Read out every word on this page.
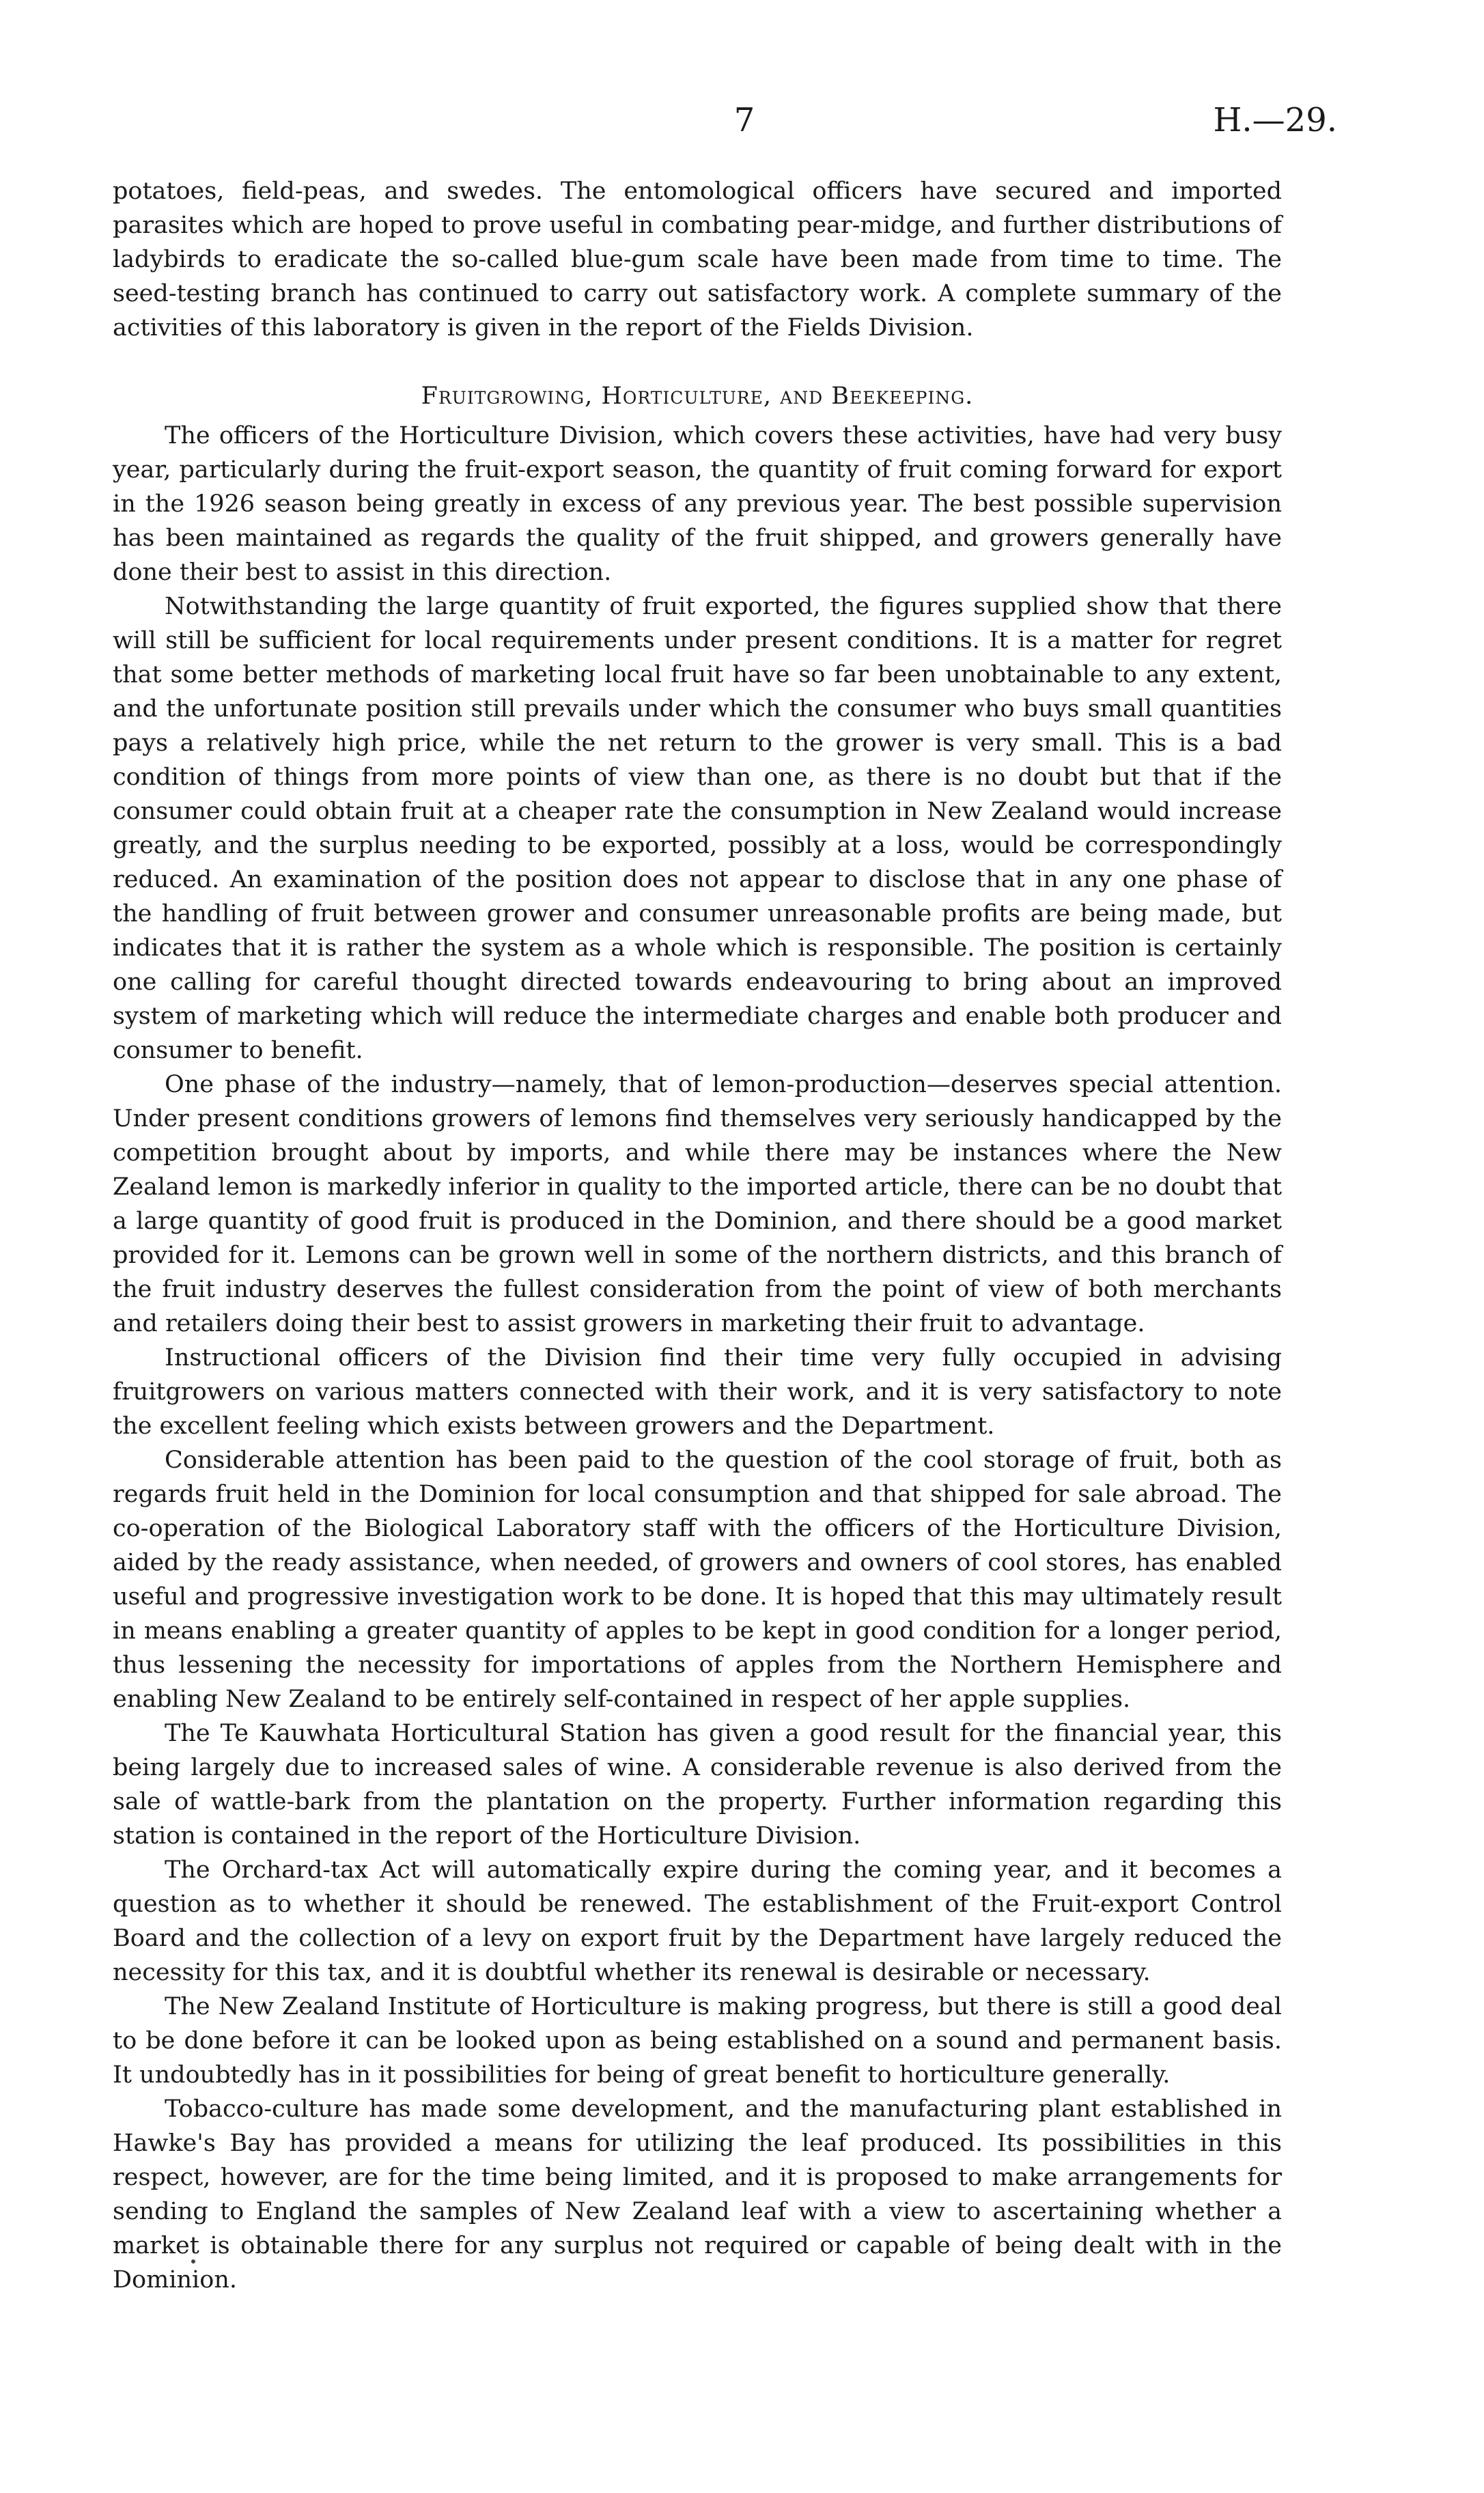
7	H.—29.

potatoes, field-peas, and swedes. The entomological officers have secured and imported parasites which are hoped to prove useful in combating pear-midge, and further distributions of ladybirds to eradicate the so-called blue-gum scale have been made from time to time. The seed-testing branch has continued to carry out satisfactory work. A complete summary of the activities of this laboratory is given in the report of the Fields Division.

Fruitgrowing, Horticulture, and Beekeeping.

The officers of the Horticulture Division, which covers these activities, have had very busy year, particularly during the fruit-export season, the quantity of fruit coming forward for export in the 1926 season being greatly in excess of any previous year. The best possible supervision has been maintained as regards the quality of the fruit shipped, and growers generally have done their best to assist in this direction.

Notwithstanding the large quantity of fruit exported, the figures supplied show that there will still be sufficient for local requirements under present conditions. It is a matter for regret that some better methods of marketing local fruit have so far been unobtainable to any extent, and the unfortunate position still prevails under which the consumer who buys small quantities pays a relatively high price, while the net return to the grower is very small. This is a bad condition of things from more points of view than one, as there is no doubt but that if the consumer could obtain fruit at a cheaper rate the consumption in New Zealand would increase greatly, and the surplus needing to be exported, possibly at a loss, would be correspondingly reduced. An examination of the position does not appear to disclose that in any one phase of the handling of fruit between grower and consumer unreasonable profits are being made, but indicates that it is rather the system as a whole which is responsible. The position is certainly one calling for careful thought directed towards endeavouring to bring about an improved system of marketing which will reduce the intermediate charges and enable both producer and consumer to benefit.

One phase of the industry—namely, that of lemon-production—deserves special attention. Under present conditions growers of lemons find themselves very seriously handicapped by the competition brought about by imports, and while there may be instances where the New Zealand lemon is markedly inferior in quality to the imported article, there can be no doubt that a large quantity of good fruit is produced in the Dominion, and there should be a good market provided for it. Lemons can be grown well in some of the northern districts, and this branch of the fruit industry deserves the fullest consideration from the point of view of both merchants and retailers doing their best to assist growers in marketing their fruit to advantage.

Instructional officers of the Division find their time very fully occupied in advising fruitgrowers on various matters connected with their work, and it is very satisfactory to note the excellent feeling which exists between growers and the Department.

Considerable attention has been paid to the question of the cool storage of fruit, both as regards fruit held in the Dominion for local consumption and that shipped for sale abroad. The co-operation of the Biological Laboratory staff with the officers of the Horticulture Division, aided by the ready assistance, when needed, of growers and owners of cool stores, has enabled useful and progressive investigation work to be done. It is hoped that this may ultimately result in means enabling a greater quantity of apples to be kept in good condition for a longer period, thus lessening the necessity for importations of apples from the Northern Hemisphere and enabling New Zealand to be entirely self-contained in respect of her apple supplies.

The Te Kauwhata Horticultural Station has given a good result for the financial year, this being largely due to increased sales of wine. A considerable revenue is also derived from the sale of wattle-bark from the plantation on the property. Further information regarding this station is contained in the report of the Horticulture Division.

The Orchard-tax Act will automatically expire during the coming year, and it becomes a question as to whether it should be renewed. The establishment of the Fruit-export Control Board and the collection of a levy on export fruit by the Department have largely reduced the necessity for this tax, and it is doubtful whether its renewal is desirable or necessary.

The New Zealand Institute of Horticulture is making progress, but there is still a good deal to be done before it can be looked upon as being established on a sound and permanent basis. It undoubtedly has in it possibilities for being of great benefit to horticulture generally.

Tobacco-culture has made some development, and the manufacturing plant established in Hawke's Bay has provided a means for utilizing the leaf produced. Its possibilities in this respect, however, are for the time being limited, and it is proposed to make arrangements for sending to England the samples of New Zealand leaf with a view to ascertaining whether a market is obtainable there for any surplus not required or capable of being dealt with in the Dominion.
